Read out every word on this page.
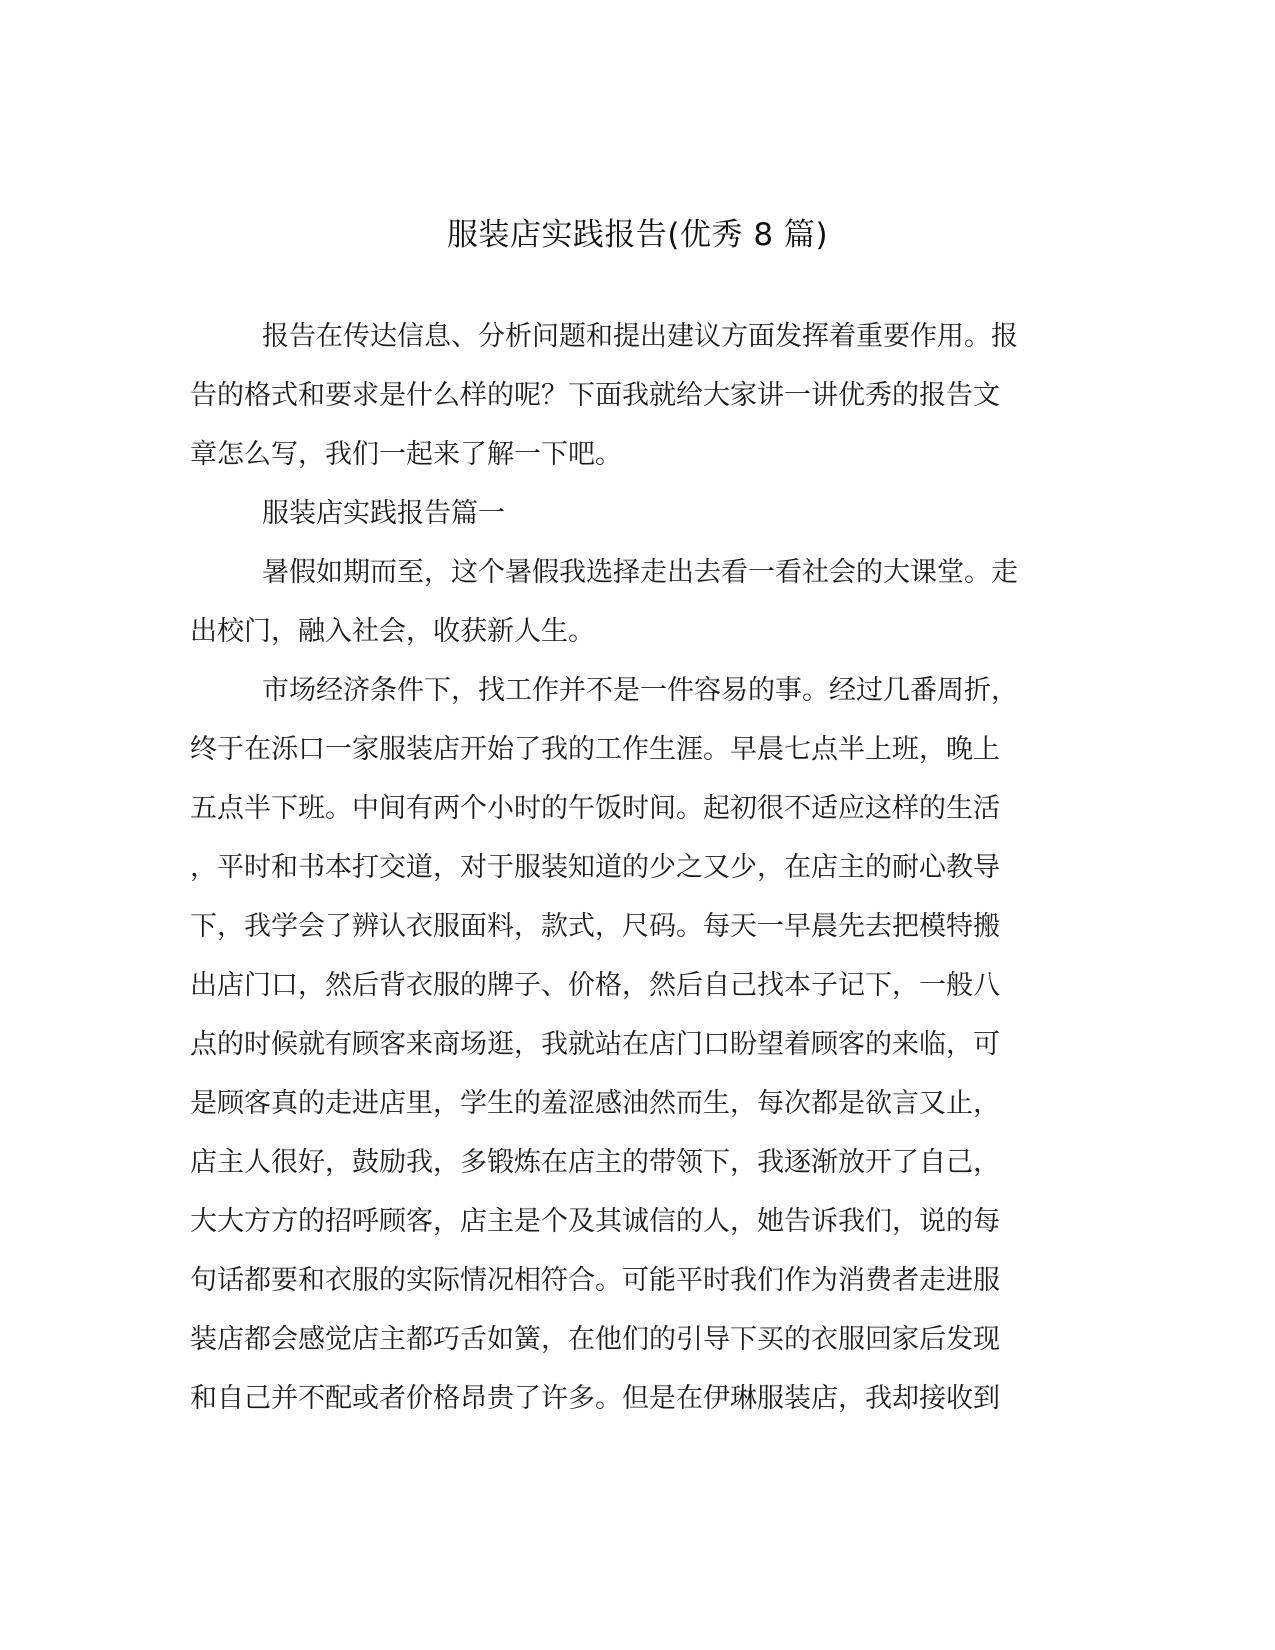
服装店实践报告(优秀 8 篇)

报告在传达信息、分析问题和提出建议方面发挥着重要作用。报

告的格式和要求是什么样的呢？下面我就给大家讲一讲优秀的报告文

章怎么写，我们一起来了解一下吧。

服装店实践报告篇一

暑假如期而至，这个暑假我选择走出去看一看社会的大课堂。走

出校门，融入社会，收获新人生。

市场经济条件下，找工作并不是一件容易的事。经过几番周折，

终于在泺口一家服装店开始了我的工作生涯。早晨七点半上班，晚上

五点半下班。中间有两个小时的午饭时间。起初很不适应这样的生活

，平时和书本打交道，对于服装知道的少之又少，在店主的耐心教导

下，我学会了辨认衣服面料，款式，尺码。每天一早晨先去把模特搬

出店门口，然后背衣服的牌子、价格，然后自己找本子记下，一般八

点的时候就有顾客来商场逛，我就站在店门口盼望着顾客的来临，可

是顾客真的走进店里，学生的羞涩感油然而生，每次都是欲言又止，

店主人很好，鼓励我，多锻炼在店主的带领下，我逐渐放开了自己，

大大方方的招呼顾客，店主是个及其诚信的人，她告诉我们，说的每

句话都要和衣服的实际情况相符合。可能平时我们作为消费者走进服

装店都会感觉店主都巧舌如簧，在他们的引导下买的衣服回家后发现

和自己并不配或者价格昂贵了许多。但是在伊琳服装店，我却接收到
